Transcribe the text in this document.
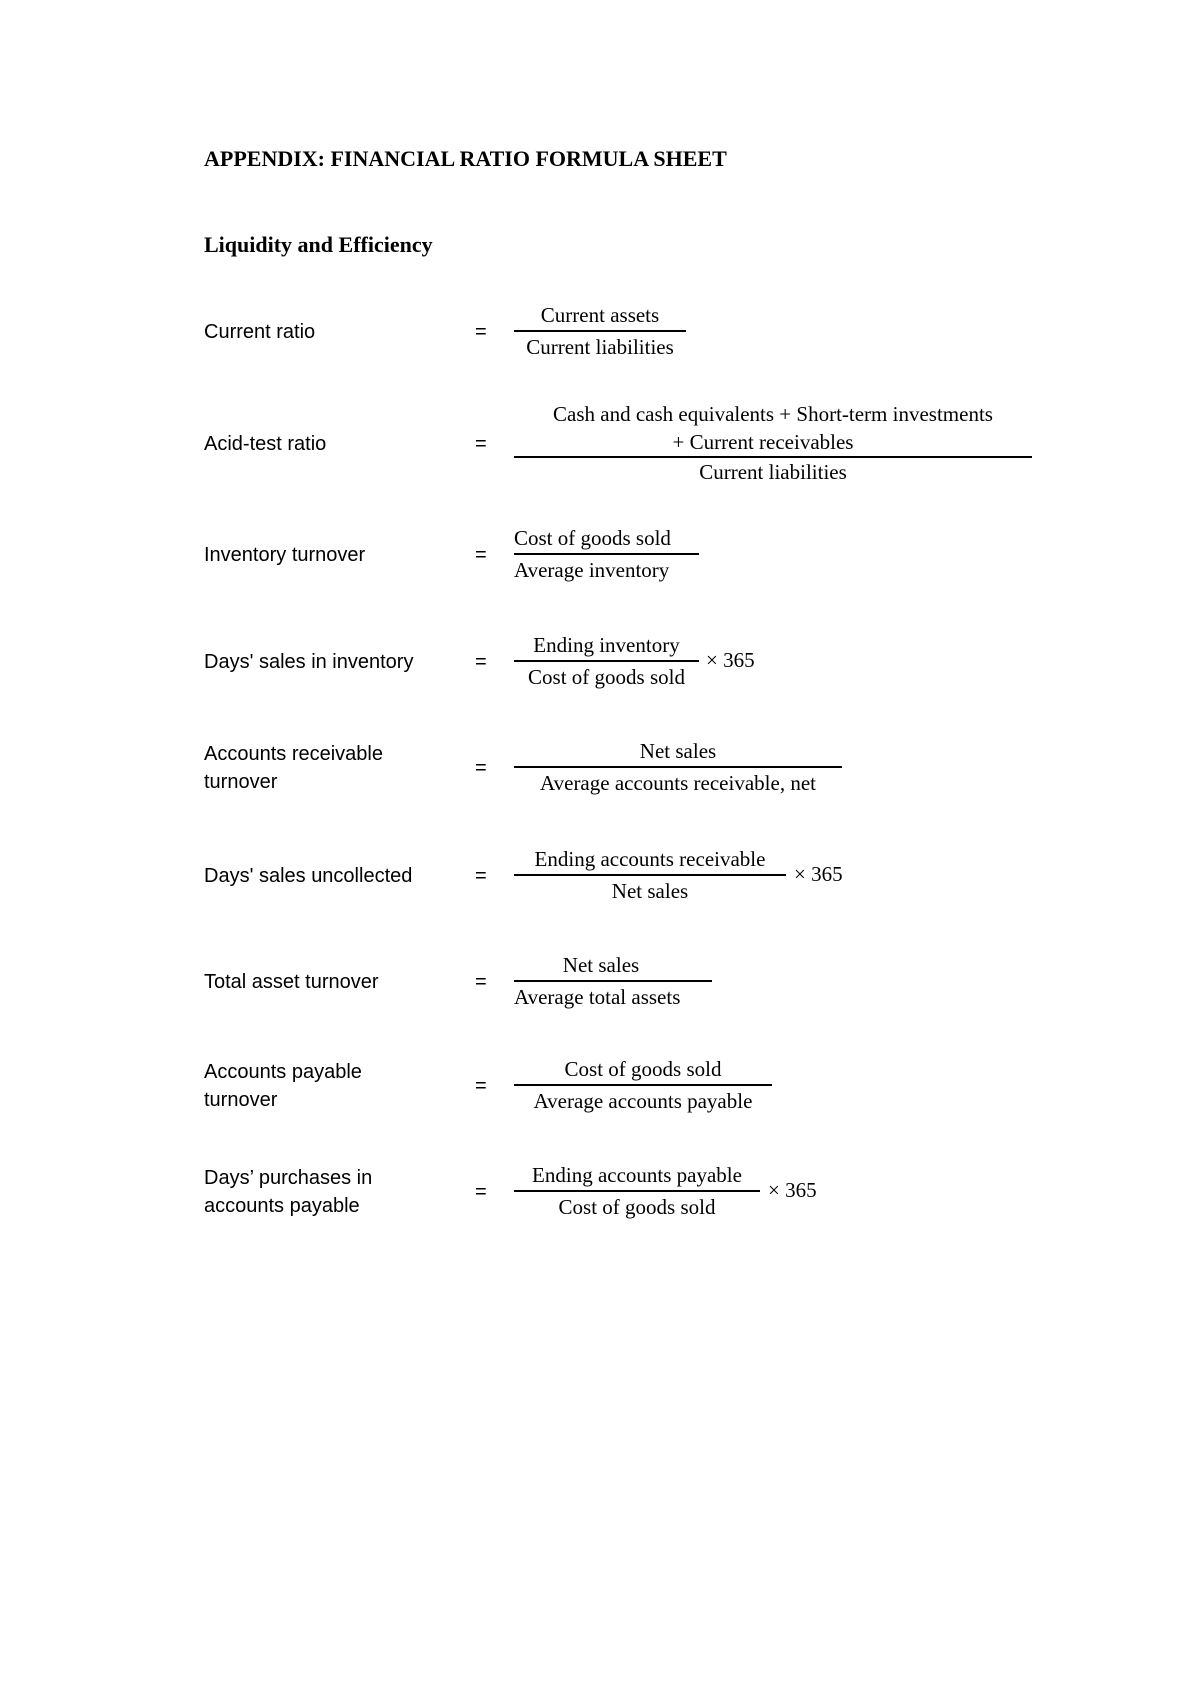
APPENDIX: FINANCIAL RATIO FORMULA SHEET
Liquidity and Efficiency
Current ratio	=
Current assets
Current liabilities
Acid-test ratio	=
Cash and cash equivalents + Short-term investments
+ Current receivables
Current liabilities
Inventory turnover	=
Cost of goods sold
Average inventory
Days' sales in inventory	=
Ending inventory
Cost of goods sold
× 365
Accounts receivable
turnover
=
Net sales
Average accounts receivable, net
Days' sales uncollected	=
Ending accounts receivable
Net sales
× 365
Total asset turnover	=
Net sales
Average total assets
Accounts payable
turnover
=
Cost of goods sold
Average accounts payable
Days’ purchases in
accounts payable
=
Ending accounts payable
Cost of goods sold
× 365
